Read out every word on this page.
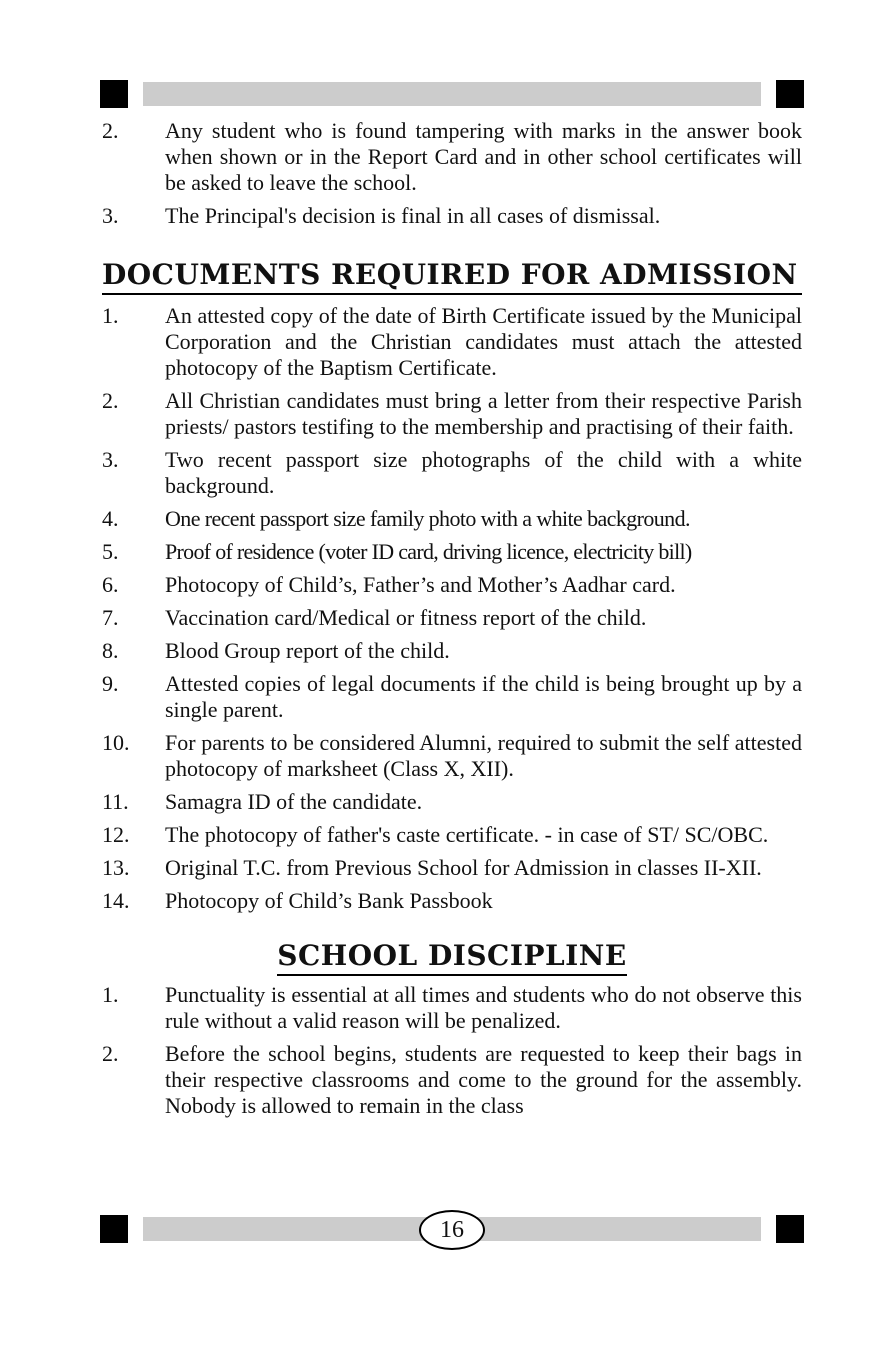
2.	Any student who is found tampering with marks in the answer book when shown or in the Report Card and in other school certificates will be asked to leave the school.
3.	The Principal's decision is final in all cases of dismissal.
DOCUMENTS REQUIRED FOR ADMISSION
1.	An attested copy of the date of Birth Certificate issued by the Municipal Corporation and the Christian candidates must attach the attested photocopy of the Baptism Certificate.
2.	All Christian candidates must bring a letter from their respective Parish priests/ pastors testifing to the membership and practising of their faith.
3.	Two recent passport size photographs of the child with a white background.
4.	One recent passport size family photo with a white background.
5.	Proof of residence (voter ID card, driving licence, electricity bill)
6.	Photocopy of Child’s, Father’s and Mother’s Aadhar card.
7.	Vaccination card/Medical or fitness report of the child.
8.	Blood Group report of the child.
9.	Attested copies of legal documents if the child is being brought up by a single parent.
10.	For parents to be considered Alumni, required to submit the self attested photocopy of marksheet (Class X, XII).
11.	Samagra ID of the candidate.
12.	The photocopy of father's caste certificate. - in case of ST/ SC/OBC.
13.	Original T.C. from Previous School for Admission in classes II-XII.
14.	Photocopy of Child’s Bank Passbook
SCHOOL DISCIPLINE
1.	Punctuality is essential at all times and students who do not observe this rule without a valid reason will be penalized.
2.	Before the school begins, students are requested to keep their bags in their respective classrooms and come to the ground for the assembly. Nobody is allowed to remain in the class
16
